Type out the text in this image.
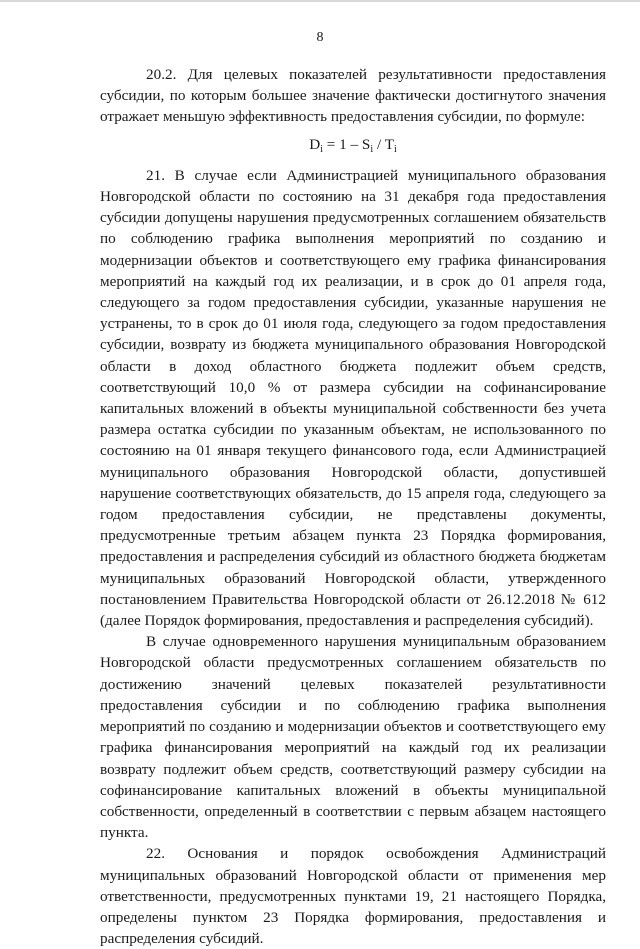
8

20.2. Для целевых показателей результативности предоставления субсидии, по которым большее значение фактически достигнутого значения отражает меньшую эффективность предоставления субсидии, по формуле:

$D_i = 1 - S_i / T_i$

21. В случае если Администрацией муниципального образования Новгородской области по состоянию на 31 декабря года предоставления субсидии допущены нарушения предусмотренных соглашением обязательств по соблюдению графика выполнения мероприятий по созданию и модернизации объектов и соответствующего ему графика финансирования мероприятий на каждый год их реализации, и в срок до 01 апреля года, следующего за годом предоставления субсидии, указанные нарушения не устранены, то в срок до 01 июля года, следующего за годом предоставления субсидии, возврату из бюджета муниципального образования Новгородской области в доход областного бюджета подлежит объем средств, соответствующий 10,0 % от размера субсидии на софинансирование капитальных вложений в объекты муниципальной собственности без учета размера остатка субсидии по указанным объектам, не использованного по состоянию на 01 января текущего финансового года, если Администрацией муниципального образования Новгородской области, допустившей нарушение соответствующих обязательств, до 15 апреля года, следующего за годом предоставления субсидии, не представлены документы, предусмотренные третьим абзацем пункта 23 Порядка формирования, предоставления и распределения субсидий из областного бюджета бюджетам муниципальных образований Новгородской области, утвержденного постановлением Правительства Новгородской области от 26.12.2018 № 612 (далее Порядок формирования, предоставления и распределения субсидий).

В случае одновременного нарушения муниципальным образованием Новгородской области предусмотренных соглашением обязательств по достижению значений целевых показателей результативности предоставления субсидии и по соблюдению графика выполнения мероприятий по созданию и модернизации объектов и соответствующего ему графика финансирования мероприятий на каждый год их реализации возврату подлежит объем средств, соответствующий размеру субсидии на софинансирование капитальных вложений в объекты муниципальной собственности, определенный в соответствии с первым абзацем настоящего пункта.

22. Основания и порядок освобождения Администраций муниципальных образований Новгородской области от применения мер ответственности, предусмотренных пунктами 19, 21 настоящего Порядка, определены пунктом 23 Порядка формирования, предоставления и распределения субсидий.
